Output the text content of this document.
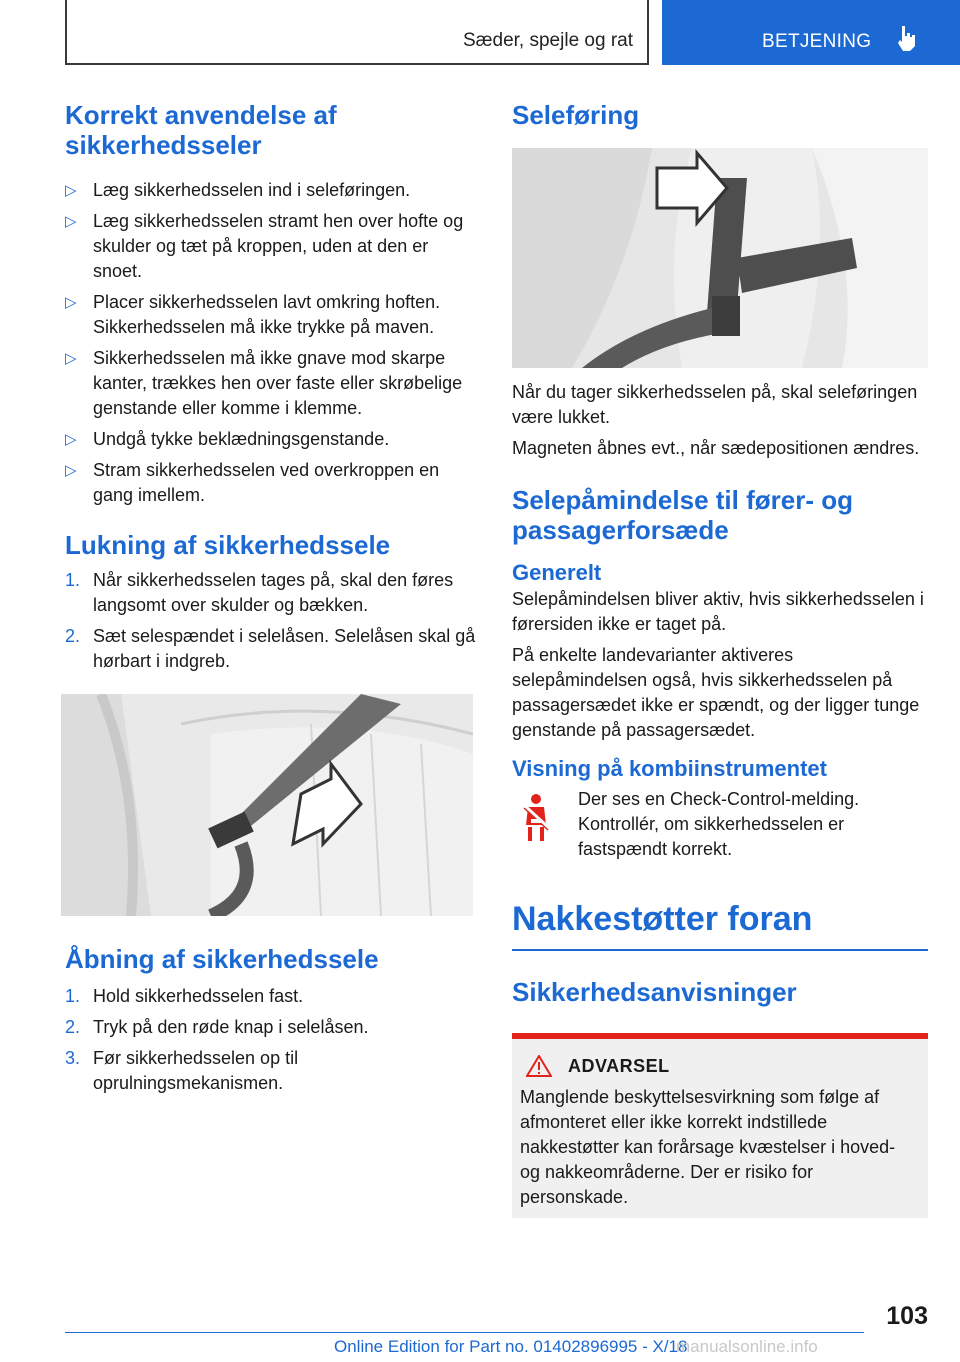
Sæder, spejle og rat	BETJENING
Korrekt anvendelse af sikkerhedsseler
▷ Læg sikkerhedsselen ind i seleføringen.
▷ Læg sikkerhedsselen stramt hen over hofte og skulder og tæt på kroppen, uden at den er snoet.
▷ Placer sikkerhedsselen lavt omkring hoften. Sikkerhedsselen må ikke trykke på maven.
▷ Sikkerhedsselen må ikke gnave mod skarpe kanter, trækkes hen over faste eller skrøbelige genstande eller komme i klemme.
▷ Undgå tykke beklædningsgenstande.
▷ Stram sikkerhedsselen ved overkroppen en gang imellem.
Lukning af sikkerhedssele
1. Når sikkerhedsselen tages på, skal den føres langsomt over skulder og bækken.
2. Sæt selespændet i selelåsen. Selelåsen skal gå hørbart i indgreb.
Åbning af sikkerhedssele
1. Hold sikkerhedsselen fast.
2. Tryk på den røde knap i selelåsen.
3. Før sikkerhedsselen op til oprulningsmekanismen.
Seleføring

Når du tager sikkerhedsselen på, skal seleføringen være lukket.

Magneten åbnes evt., når sædepositionen ændres.

Selepåmindelse til fører- og passagerforsæde
Generelt

Selepåmindelsen bliver aktiv, hvis sikkerhedsselen i førersiden ikke er taget på.

På enkelte landevarianter aktiveres selepåmindelsen også, hvis sikkerhedsselen på passagersædet ikke er spændt, og der ligger tunge genstande på passagersædet.

Visning på kombiinstrumentet

Der ses en Check-Control-melding. Kontrollér, om sikkerhedsselen er fastspændt korrekt.

Nakkestøtter foran
Sikkerhedsanvisninger
ADVARSEL

Manglende beskyttelsesvirkning som følge af afmonteret eller ikke korrekt indstillede nakkestøtter kan forårsage kvæstelser i hoved- og nakkeområderne. Der er risiko for personskade.

103
Online Edition for Part no. 01402896995 - X/18
manualsonline.info
